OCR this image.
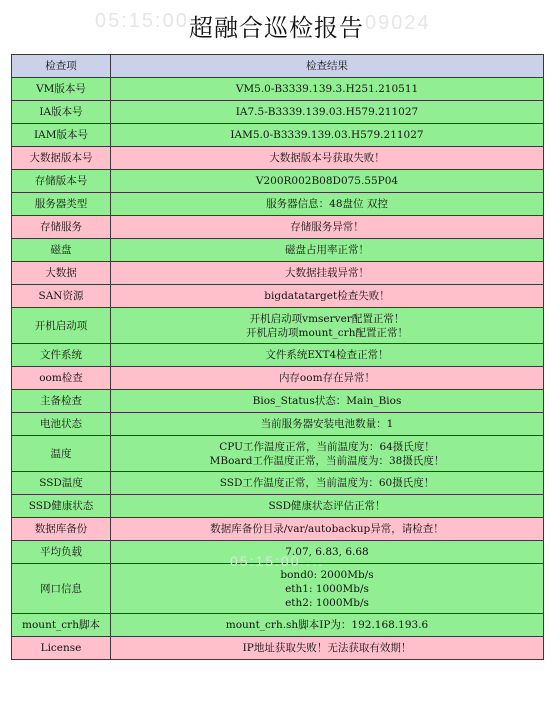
05:15:00	09024
超融合巡检报告
检查项	检查结果
VM版本号	VM5.0-B3339.139.3.H251.210511

IA版本号	IA7.5-B3339.139.03.H579.211027

IAM版本号	IAM5.0-B3339.139.03.H579.211027

大数据版本号	大数据版本号获取失败！

存储版本号	V200R002B08D075.55P04

服务器类型	服务器信息：48盘位 双控

存储服务	存储服务异常！

磁盘	磁盘占用率正常！

大数据	大数据挂载异常！

SAN资源	bigdatatarget检查失败！

开机启动项	开机启动项vmserver配置正常！
开机启动项mount_crh配置正常！

文件系统	文件系统EXT4检查正常！

oom检查	内存oom存在异常！

主备检查	Bios_Status状态：Main_Bios

电池状态	当前服务器安装电池数量：1

温度	CPU工作温度正常，当前温度为：64摄氏度！
MBoard工作温度正常，当前温度为：38摄氏度！

SSD温度	SSD工作温度正常，当前温度为：60摄氏度！

SSD健康状态	SSD健康状态评估正常！

数据库备份	数据库备份目录/var/autobackup异常，请检查！

平均负载	7.07, 6.83, 6.68

网口信息	bond0: 2000Mb/s
eth1: 1000Mb/s
eth2: 1000Mb/s

mount_crh脚本	mount_crh.sh脚本IP为：192.168.193.6

License	IP地址获取失败！无法获取有效期！
05:15:00 ...
